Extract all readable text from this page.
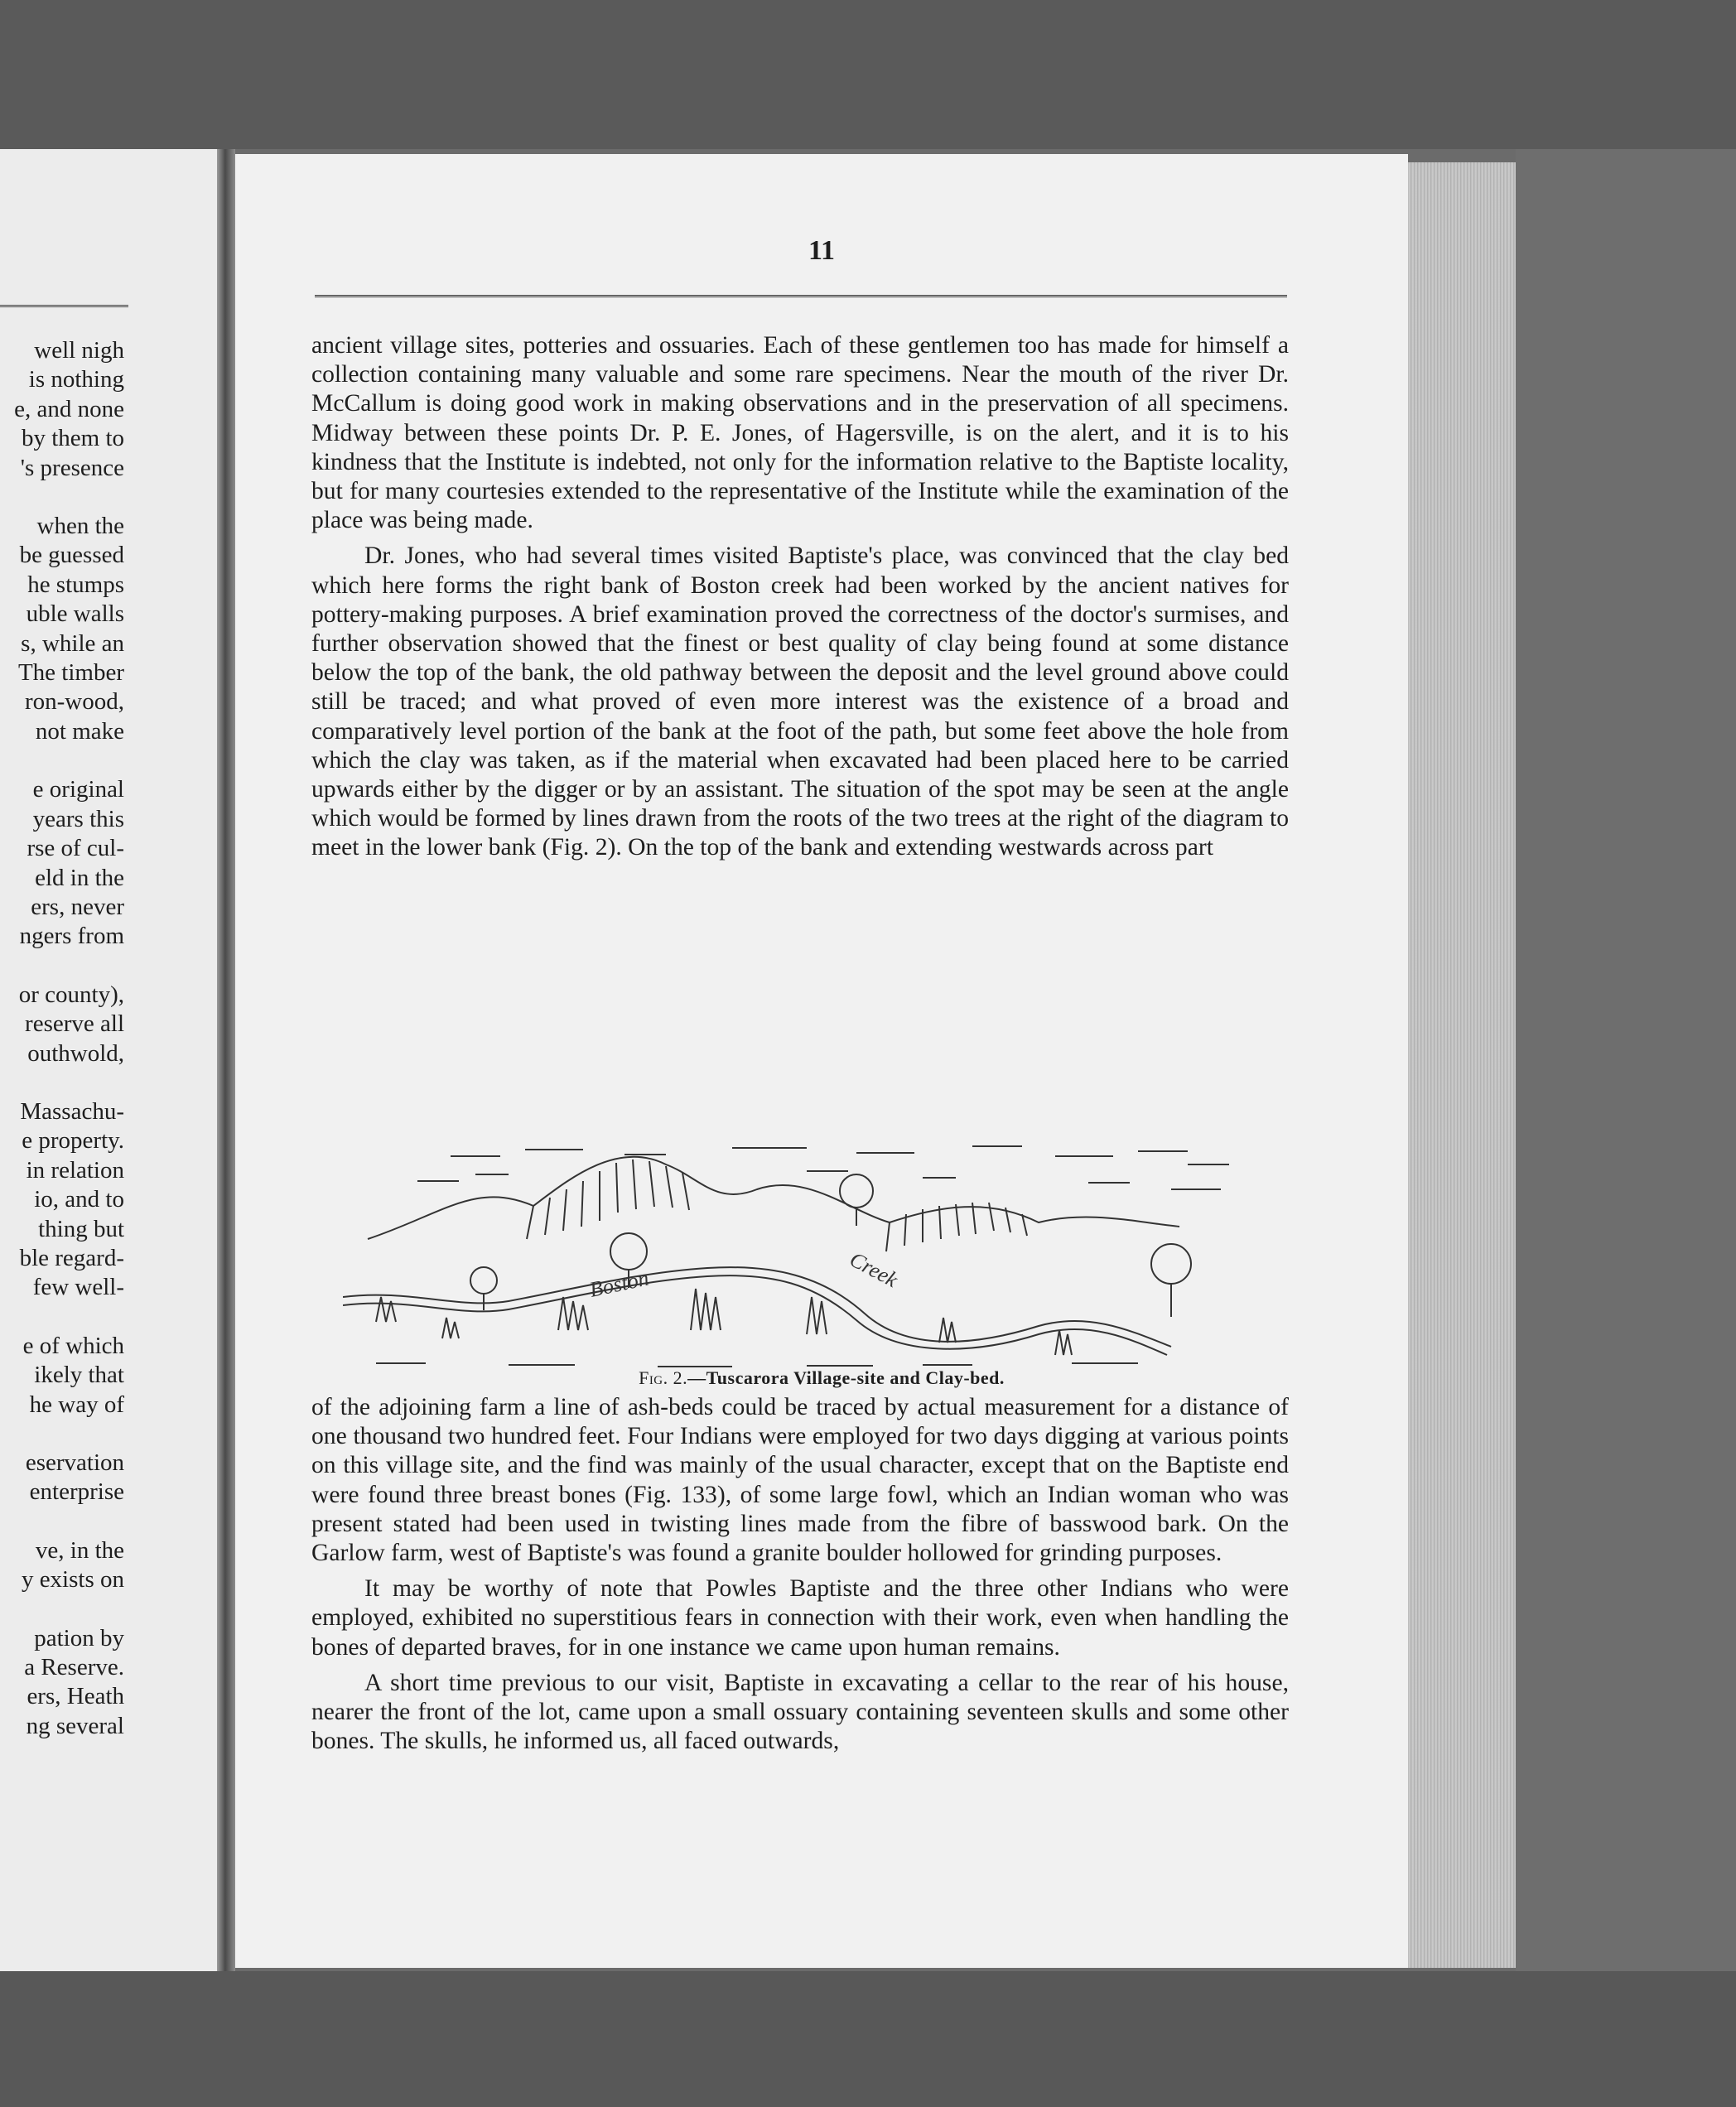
well nigh

is nothing

e, and none

by them to

's presence

when the

be guessed

he stumps

uble walls

s, while an

The timber

ron-wood,

not make

e original

years this

rse of cul-

eld in the

ers, never

ngers from

or county),

reserve all

outhwold,

Massachu-

e property.

in relation

io, and to

thing but

ble regard-

few well-

e of which

ikely that

he way of

eservation

enterprise

ve, in the

y exists on

pation by

a Reserve.

ers, Heath

ng several

11

ancient village sites, potteries and ossuaries. Each of these gentlemen too has made for himself a collection containing many valuable and some rare specimens. Near the mouth of the river Dr. McCallum is doing good work in making observations and in the preservation of all specimens. Midway between these points Dr. P. E. Jones, of Hagersville, is on the alert, and it is to his kindness that the Institute is indebted, not only for the information relative to the Baptiste locality, but for many courtesies extended to the representative of the Institute while the examination of the place was being made.

Dr. Jones, who had several times visited Baptiste's place, was convinced that the clay bed which here forms the right bank of Boston creek had been worked by the ancient natives for pottery-making purposes. A brief examination proved the correctness of the doctor's surmises, and further observation showed that the finest or best quality of clay being found at some distance below the top of the bank, the old pathway between the deposit and the level ground above could still be traced; and what proved of even more interest was the existence of a broad and comparatively level portion of the bank at the foot of the path, but some feet above the hole from which the clay was taken, as if the material when excavated had been placed here to be carried upwards either by the digger or by an assistant. The situation of the spot may be seen at the angle which would be formed by lines drawn from the roots of the two trees at the right of the diagram to meet in the lower bank (Fig. 2). On the top of the bank and extending westwards across part

Boston	Creek
Fig. 2.—Tuscarora Village-site and Clay-bed.

of the adjoining farm a line of ash-beds could be traced by actual measurement for a distance of one thousand two hundred feet. Four Indians were employed for two days digging at various points on this village site, and the find was mainly of the usual character, except that on the Baptiste end were found three breast bones (Fig. 133), of some large fowl, which an Indian woman who was present stated had been used in twisting lines made from the fibre of basswood bark. On the Garlow farm, west of Baptiste's was found a granite boulder hollowed for grinding purposes.

It may be worthy of note that Powles Baptiste and the three other Indians who were employed, exhibited no superstitious fears in connection with their work, even when handling the bones of departed braves, for in one instance we came upon human remains.

A short time previous to our visit, Baptiste in excavating a cellar to the rear of his house, nearer the front of the lot, came upon a small ossuary containing seventeen skulls and some other bones. The skulls, he informed us, all faced outwards,
